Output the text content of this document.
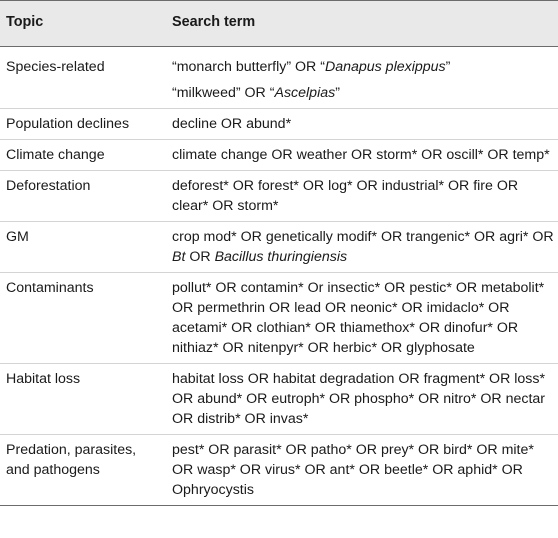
Topic	Search term
Species-related	“monarch butterfly” OR “Danapus plexippus”
“milkweed” OR “Ascelpias”

Population declines	decline OR abund*

Climate change	climate change OR weather OR storm* OR oscill* OR temp*

Deforestation	deforest* OR forest* OR log* OR industrial* OR fire OR clear* OR storm*

GM	crop mod* OR genetically modif* OR trangenic* OR agri* OR Bt OR Bacillus thuringiensis

Contaminants	pollut* OR contamin* Or insectic* OR pestic* OR metabolit* OR permethrin OR lead OR neonic* OR imidaclo* OR acetami* OR clothian* OR thiamethox* OR dinofur* OR nithiaz* OR nitenpyr* OR herbic* OR glyphosate

Habitat loss	habitat loss OR habitat degradation OR fragment* OR loss* OR abund* OR eutroph* OR phospho* OR nitro* OR nectar OR distrib* OR invas*

Predation, parasites, and pathogens	pest* OR parasit* OR patho* OR prey* OR bird* OR mite* OR wasp* OR virus* OR ant* OR beetle* OR aphid* OR Ophryocystis
